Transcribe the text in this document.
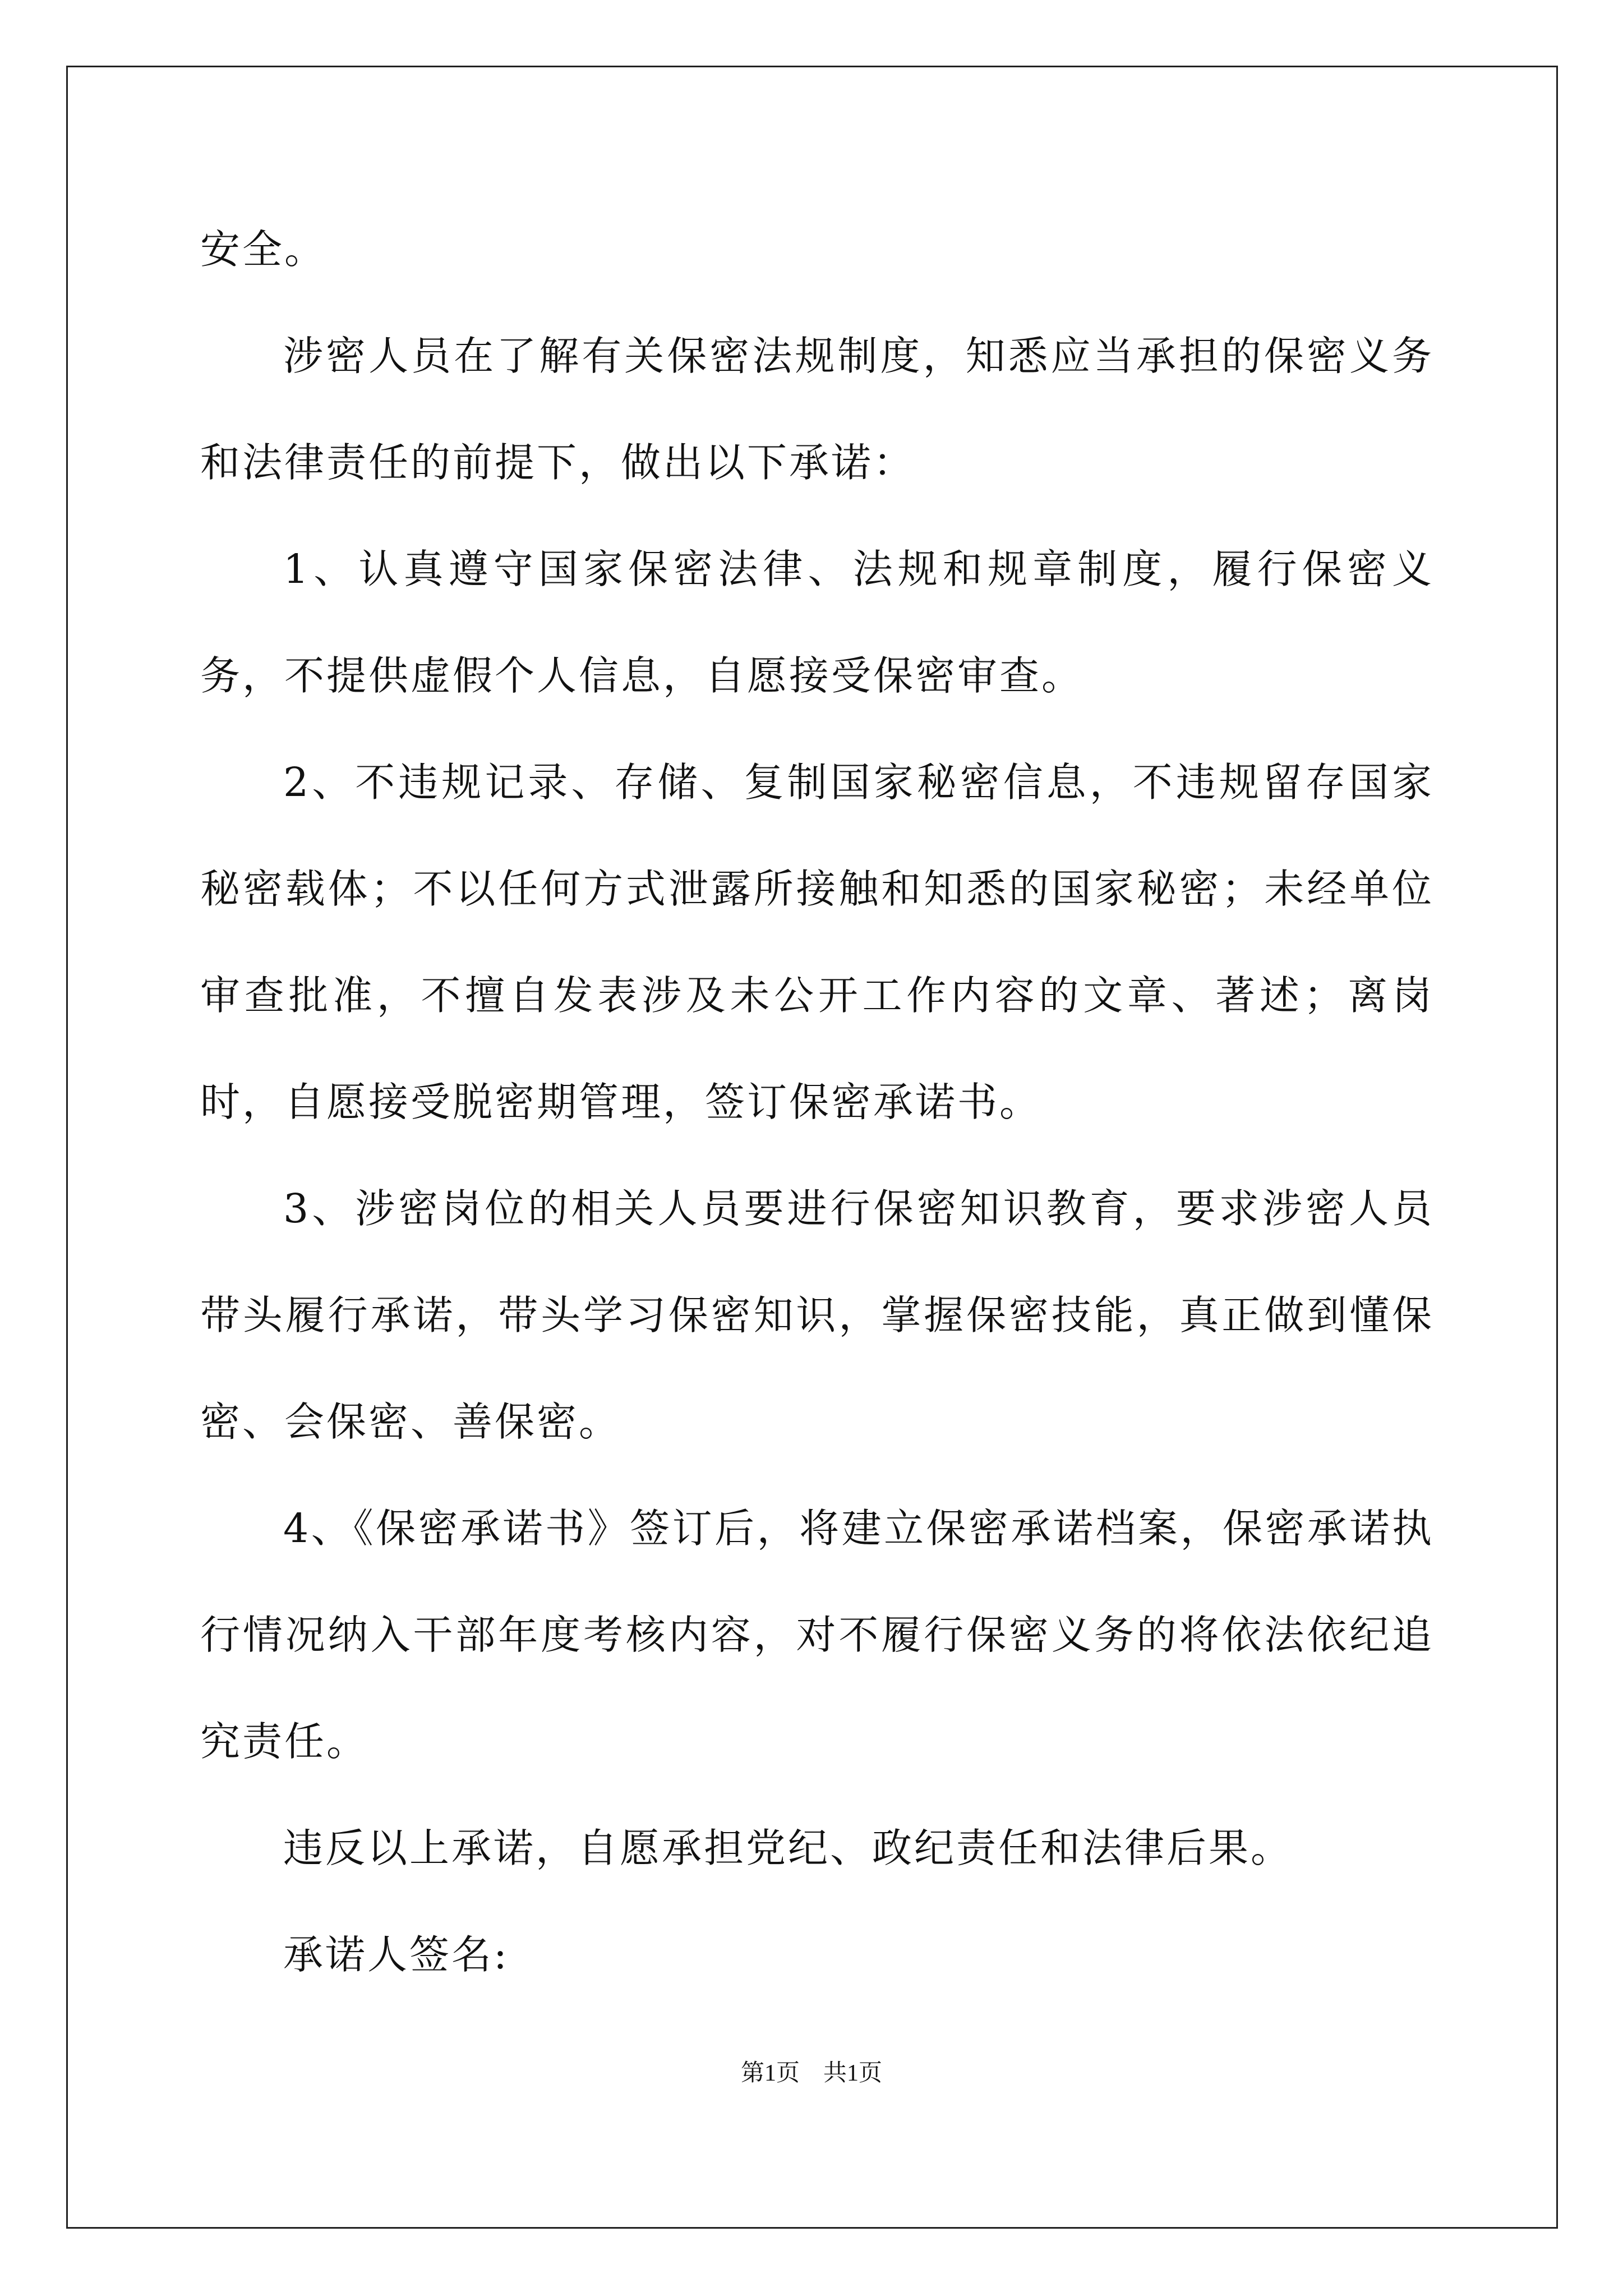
安全。

涉密人员在了解有关保密法规制度，知悉应当承担的保密义务和法律责任的前提下，做出以下承诺：

1、认真遵守国家保密法律、法规和规章制度，履行保密义务，不提供虚假个人信息，自愿接受保密审查。

2、不违规记录、存储、复制国家秘密信息，不违规留存国家秘密载体；不以任何方式泄露所接触和知悉的国家秘密；未经单位审查批准，不擅自发表涉及未公开工作内容的文章、著述；离岗时，自愿接受脱密期管理，签订保密承诺书。

3、涉密岗位的相关人员要进行保密知识教育，要求涉密人员带头履行承诺，带头学习保密知识，掌握保密技能，真正做到懂保密、会保密、善保密。

4、《保密承诺书》签订后，将建立保密承诺档案，保密承诺执行情况纳入干部年度考核内容，对不履行保密义务的将依法依纪追究责任。

违反以上承诺，自愿承担党纪、政纪责任和法律后果。

承诺人签名:

第1页　共1页
